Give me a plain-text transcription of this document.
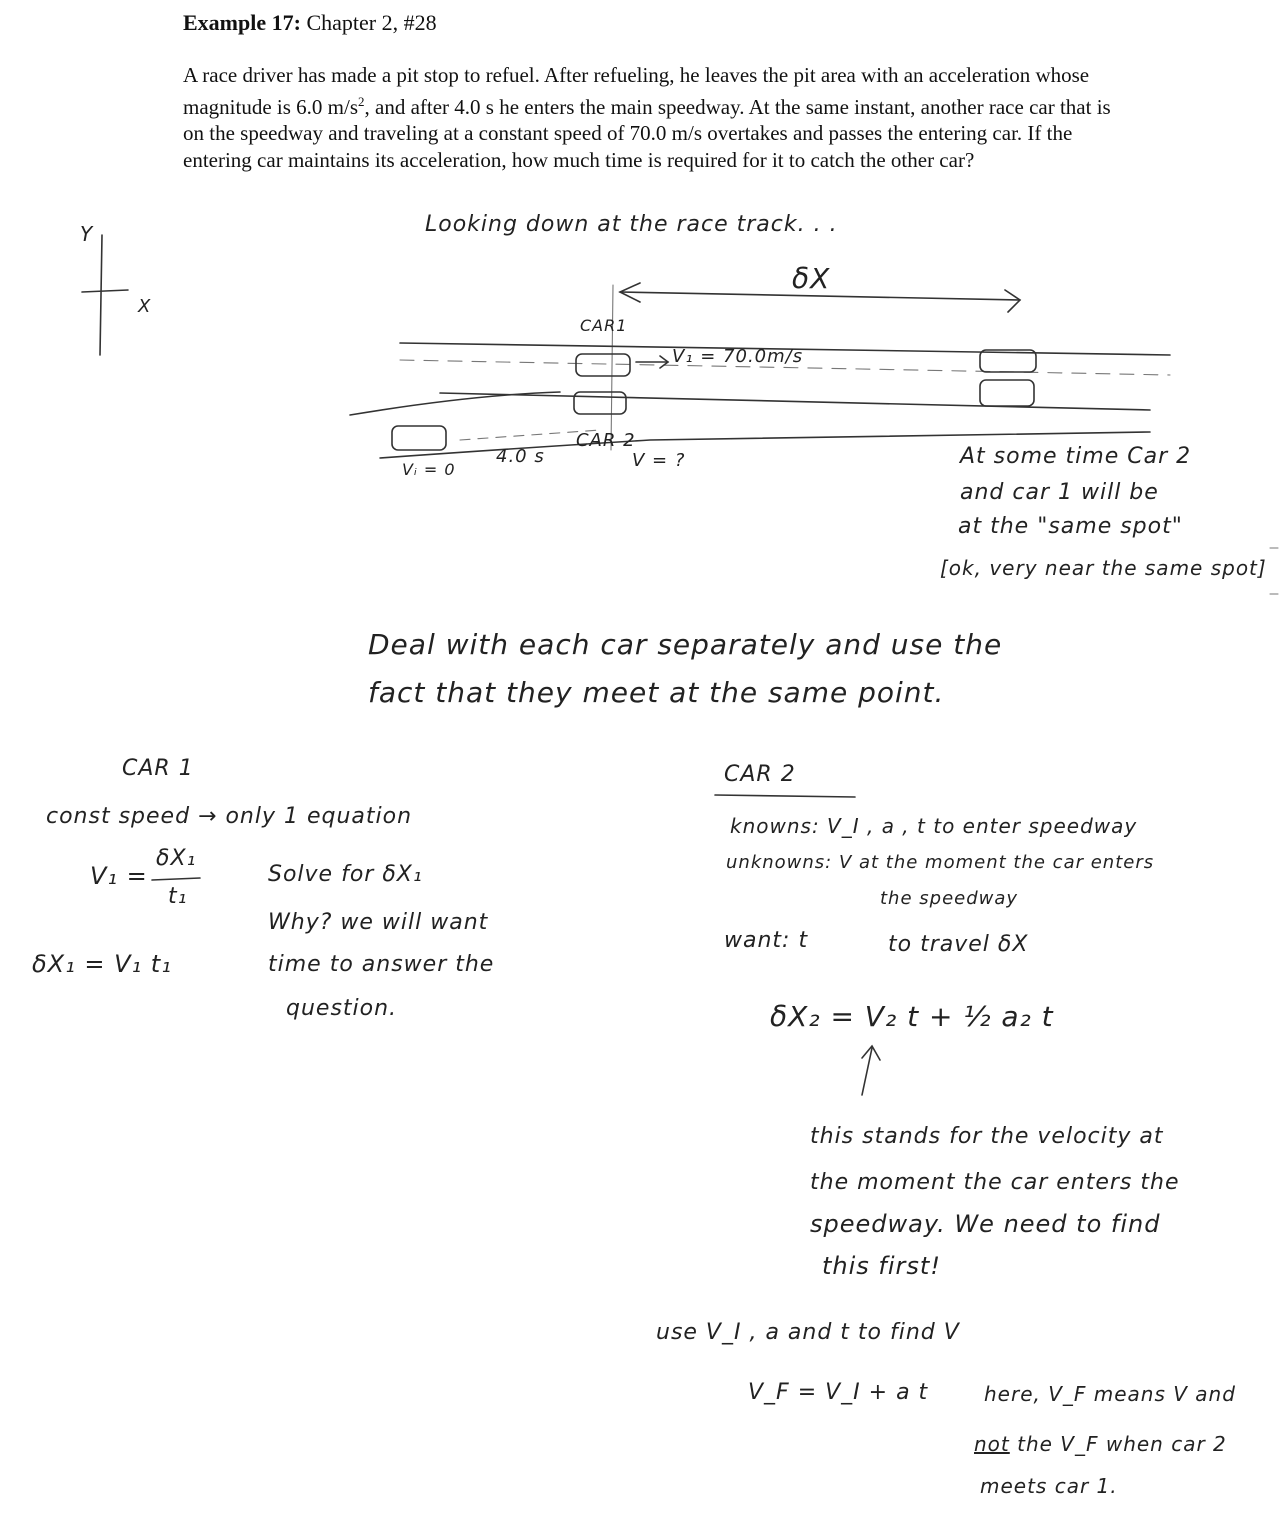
Example 17: Chapter 2, #28
A race driver has made a pit stop to refuel. After refueling, he leaves the pit area with an acceleration whose magnitude is 6.0 $m/s^2$, and after 4.0 s he enters the main speedway. At the same instant, another race car that is on the speedway and traveling at a constant speed of 70.0 m/s overtakes and passes the entering car. If the entering car maintains its acceleration, how much time is required for it to catch the other car?
Looking down at the race track. . .
Y
X
δX
CAR1
V₁ = 70.0m/s
CAR 2
V = ?
Vᵢ = 0
4.0 s	At some time Car 2
and car 1 will be
at the "same spot"
[ok, very near the same spot]
Deal with each car separately and use the
fact that they meet at the same point.
CAR 1
const speed → only 1 equation
V₁ =
δX₁
t₁
δX₁ = V₁ t₁
Solve for δX₁
Why? we will want
time to answer the
question.
CAR 2
knowns: V_I , a , t to enter speedway
unknowns: V at the moment the car enters
the speedway
want: t	to travel δX
δX₂ = V₂ t + ½ a₂ t
this stands for the velocity at
the moment the car enters the
speedway. We need to find
this first!
use V_I , a and t to find V
V_F = V_I + a t	here, V_F means V and
not the V_F when car 2
meets car 1.
